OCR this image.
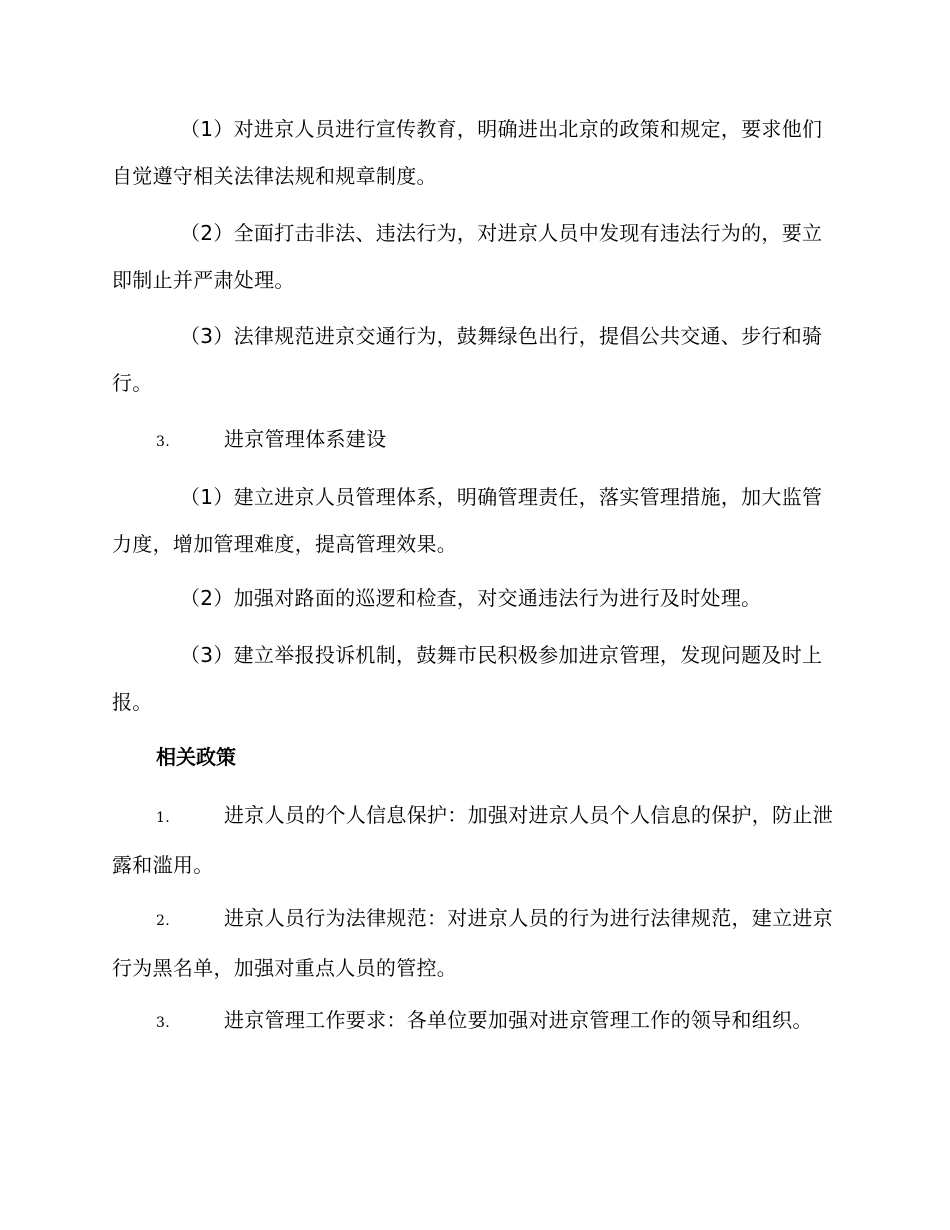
（1）对进京人员进行宣传教育，明确进出北京的政策和规定，要求他们自觉遵守相关法律法规和规章制度。

（2）全面打击非法、违法行为，对进京人员中发现有违法行为的，要立即制止并严肃处理。

（3）法律规范进京交通行为，鼓舞绿色出行，提倡公共交通、步行和骑行。

3.	进京管理体系建设

（1）建立进京人员管理体系，明确管理责任，落实管理措施，加大监管力度，增加管理难度，提高管理效果。

（2）加强对路面的巡逻和检查，对交通违法行为进行及时处理。

（3）建立举报投诉机制，鼓舞市民积极参加进京管理，发现问题及时上报。

相关政策

1.	进京人员的个人信息保护：加强对进京人员个人信息的保护，防止泄露和滥用。

2.	进京人员行为法律规范：对进京人员的行为进行法律规范，建立进京行为黑名单，加强对重点人员的管控。

3.	进京管理工作要求：各单位要加强对进京管理工作的领导和组织。
